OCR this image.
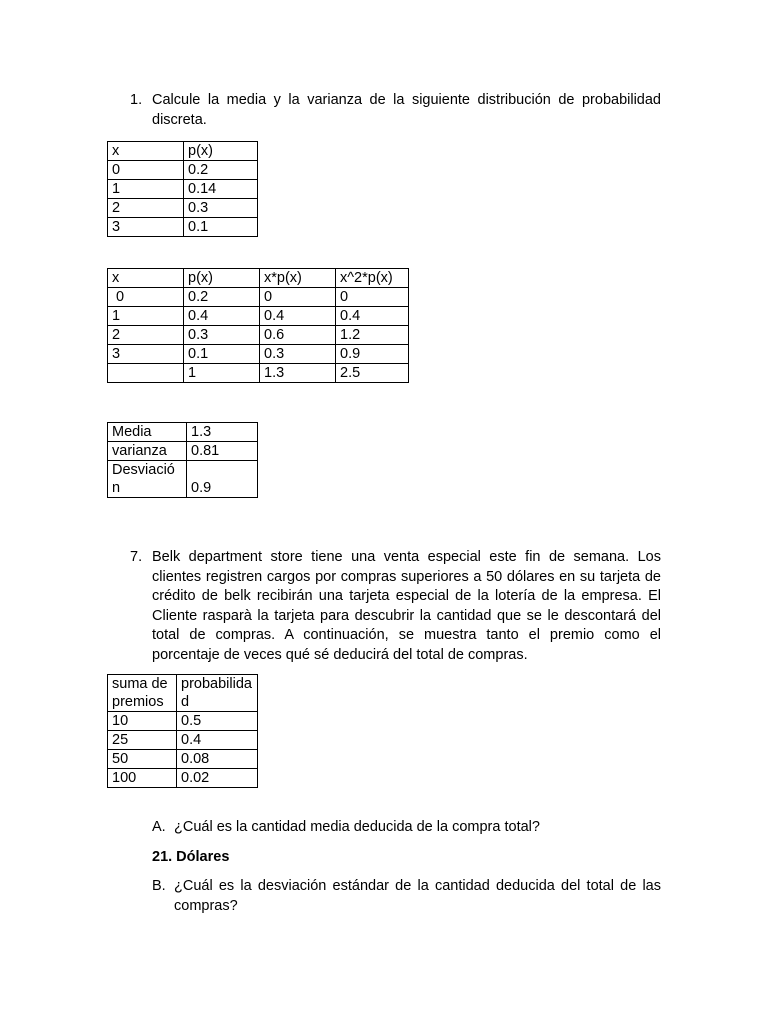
1. Calcule la media y la varianza de la siguiente distribución de probabilidad discreta.
x	p(x)
0	0.2
1	0.14
2	0.3
3	0.1
x	p(x)	x*p(x)	x^2*p(x)
0	0.2	0	0
1	0.4	0.4	0.4
2	0.3	0.6	1.2
3	0.1	0.3	0.9
	1	1.3	2.5
Media	1.3
varianza	0.81
Desviación	0.9
7. Belk department store tiene una venta especial este fin de semana. Los clientes registren cargos por compras superiores a 50 dólares en su tarjeta de crédito de belk recibirán una tarjeta especial de la lotería de la empresa. El Cliente rasparà la tarjeta para descubrir la cantidad que se le descontará del total de compras. A continuación, se muestra tanto el premio como el porcentaje de veces qué sé deducirá del total de compras.
suma de premios	probabilidad
10	0.5
25	0.4
50	0.08
100	0.02
A. ¿Cuál es la cantidad media deducida de la compra total?
21. Dólares
B. ¿Cuál es la desviación estándar de la cantidad deducida del total de las compras?
